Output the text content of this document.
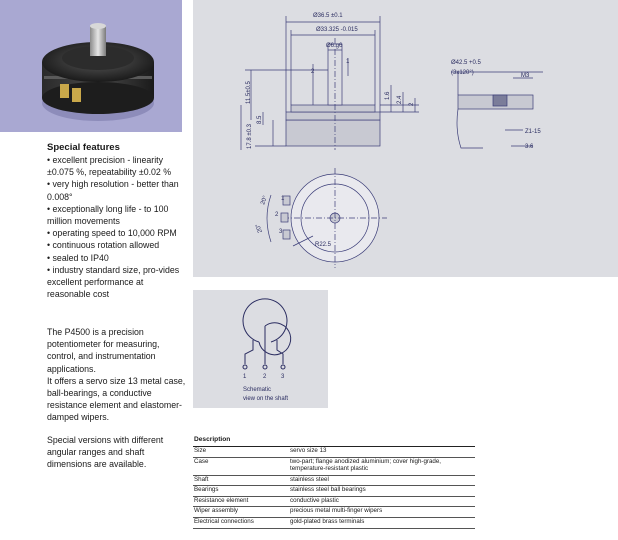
Special features
• excellent precision - linearity ±0.075 %, repeatability ±0.02 %
• very high resolution - better than 0.008°
• exceptionally long life - to 100 million movements
• operating speed to 10,000 RPM
• continuous rotation allowed
• sealed to IP40
• industry standard size, pro-vides excellent performance at reasonable cost

The P4500 is a precision potentiometer for measuring, control, and instrumentation applications.

It offers a servo size 13 metal case, ball-bearings, a conductive resistance element and elastomer-damped wipers.

Special versions with different angular ranges and shaft dimensions are available.

Ø36.5 ±0.1
Ø33.325 -0.015
Ø6 g6
2
1
11.5±0.5
8.5
17.8 ±0.3
1.6 2.4
2
Ø42.5 +0.5
(3x120°)	M3
Z1-15
3.6
20°
20°
1
2
3
R22.5
1	2 3
Schematic
view on the shaft
Description	
Size	servo size 13
Case	two-part; flange anodized aluminium; cover high-grade, temperature-resistant plastic
Shaft	stainless steel
Bearings	stainless steel ball bearings
Resistance element	conductive plastic
Wiper assembly	precious metal multi-finger wipers
Electrical connections	gold-plated brass terminals
